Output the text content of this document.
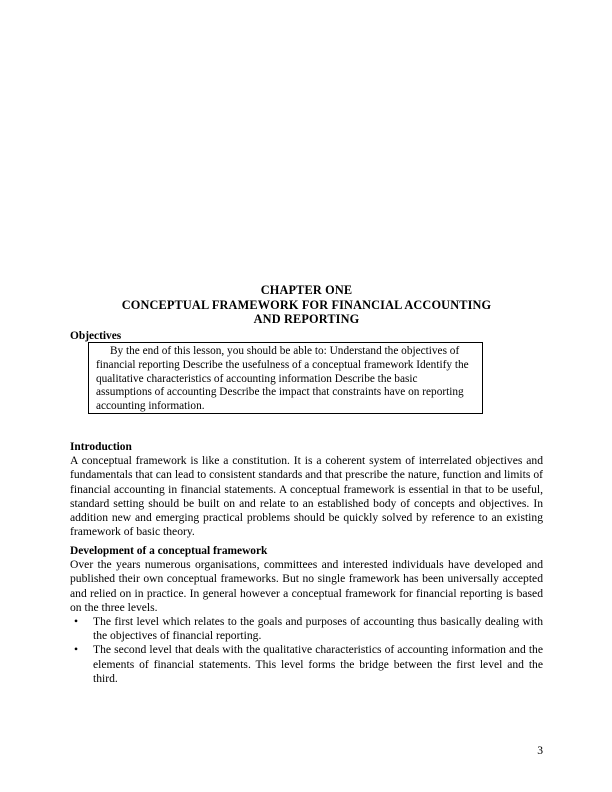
CHAPTER ONE
CONCEPTUAL FRAMEWORK FOR FINANCIAL ACCOUNTING
AND REPORTING
Objectives

By the end of this lesson, you should be able to: Understand the objectives of financial reporting Describe the usefulness of a conceptual framework Identify the qualitative characteristics of accounting information Describe the basic assumptions of accounting Describe the impact that constraints have on reporting accounting information.

Introduction

A conceptual framework is like a constitution. It is a coherent system of interrelated objectives and fundamentals that can lead to consistent standards and that prescribe the nature, function and limits of financial accounting in financial statements. A conceptual framework is essential in that to be useful, standard setting should be built on and relate to an established body of concepts and objectives. In addition new and emerging practical problems should be quickly solved by reference to an existing framework of basic theory.

Development of a conceptual framework

Over the years numerous organisations, committees and interested individuals have developed and published their own conceptual frameworks. But no single framework has been universally accepted and relied on in practice. In general however a conceptual framework for financial reporting is based on the three levels.

• The first level which relates to the goals and purposes of accounting thus basically dealing with the objectives of financial reporting.
• The second level that deals with the qualitative characteristics of accounting information and the elements of financial statements. This level forms the bridge between the first level and the third.
3
